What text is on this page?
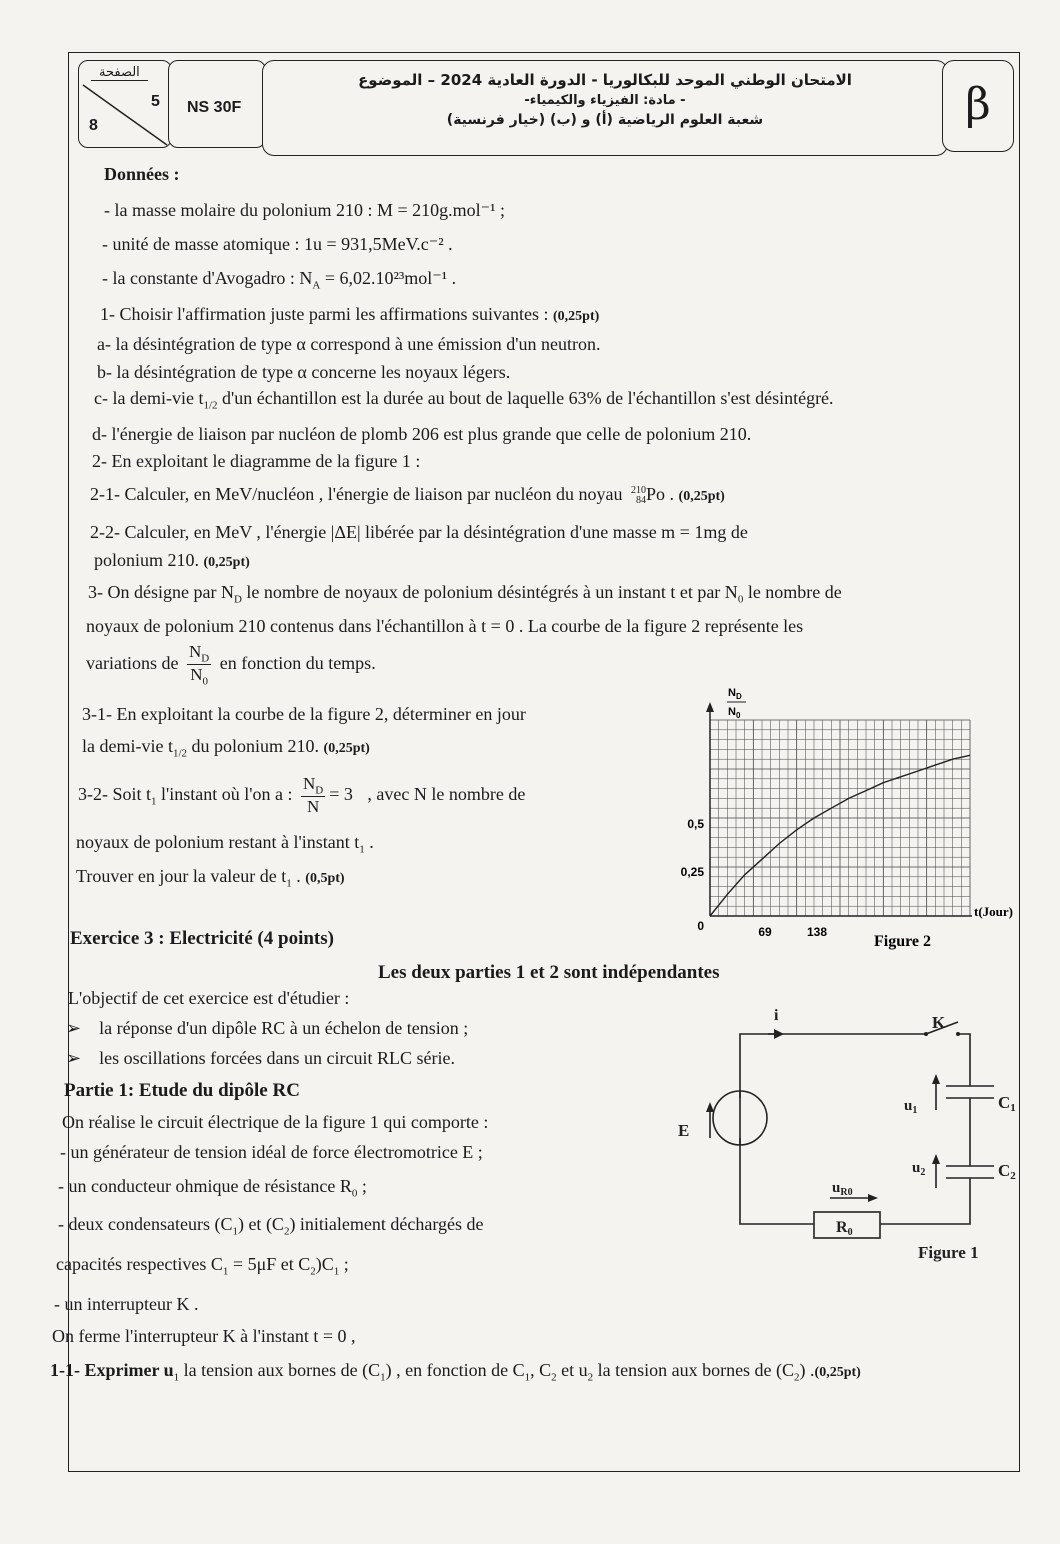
الصفحة
5
8
NS 30F
الامتحان الوطني الموحد للبكالوريا - الدورة العادية 2024 – الموضوع
- مادة: الفيزياء والكيمياء-
شعبة العلوم الرياضية (أ) و (ب) (خيار فرنسية)	β
Données :
- la masse molaire du polonium 210 : M = 210g.mol⁻¹ ;
- unité de masse atomique : 1u = 931,5MeV.c⁻² .
- la constante d'Avogadro : $N_A = 6,02.10^{23}mol^{-1}$ .
1- Choisir l'affirmation juste parmi les affirmations suivantes : (0,25pt)
a- la désintégration de type α correspond à une émission d'un neutron.
b- la désintégration de type α concerne les noyaux légers.
c- la demi-vie $t_{1/2}$ d'un échantillon est la durée au bout de laquelle 63% de l'échantillon s'est désintégré.
d- l'énergie de liaison par nucléon de plomb 206 est plus grande que celle de polonium 210.
2- En exploitant le diagramme de la figure 1 :
2-1- Calculer, en MeV/nucléon , l'énergie de liaison par nucléon du noyau 210
84 Po . (0,25pt)
2-2- Calculer, en MeV , l'énergie |ΔE| libérée par la désintégration d'une masse m = 1mg de
polonium 210. (0,25pt)
3- On désigne par $N_D$ le nombre de noyaux de polonium désintégrés à un instant t et par $N_0$ le nombre de
noyaux de polonium 210 contenus dans l'échantillon à t = 0 . La courbe de la figure 2 représente les
variations de $\frac{N_D}{N_0}$ en fonction du temps.
3-1- En exploitant la courbe de la figure 2, déterminer en jour
la demi-vie $t_{1/2}$ du polonium 210. (0,25pt)
3-2- Soit $t_1$ l'instant où l'on a : $\frac{N_D}{N} = 3$ , avec N le nombre de
noyaux de polonium restant à l'instant $t_1$ .
Trouver en jour la valeur de $t_1$ . (0,5pt)
$N_D$
$N_0$
0
0,25
0,5
69	138
t(Jour)
Figure 2
Exercice 3 : Electricité (4 points)
Les deux parties 1 et 2 sont indépendantes
L'objectif de cet exercice est d'étudier :
➢ la réponse d'un dipôle RC à un échelon de tension ;
➢ les oscillations forcées dans un circuit RLC série.
Partie 1: Etude du dipôle RC
On réalise le circuit électrique de la figure 1 qui comporte :
- un générateur de tension idéal de force électromotrice E ;
- un conducteur ohmique de résistance $R_0$ ;
- deux condensateurs $(C_1)$ et $(C_2)$ initialement déchargés de
capacités respectives $C_1 = 5\mu F$ et $C_2)C_1$ ;
- un interrupteur K .
On ferme l'interrupteur K à l'instant t = 0 ,
1-1- Exprimer $u_1$ la tension aux bornes de $(C_1)$ , en fonction de $C_1$, $C_2$ et $u_2$ la tension aux bornes de $(C_2)$ .(0,25pt)
i	K
E
$u_1$
$u_2$
C1
C2
$u_{R0}$
R0
Figure 1
